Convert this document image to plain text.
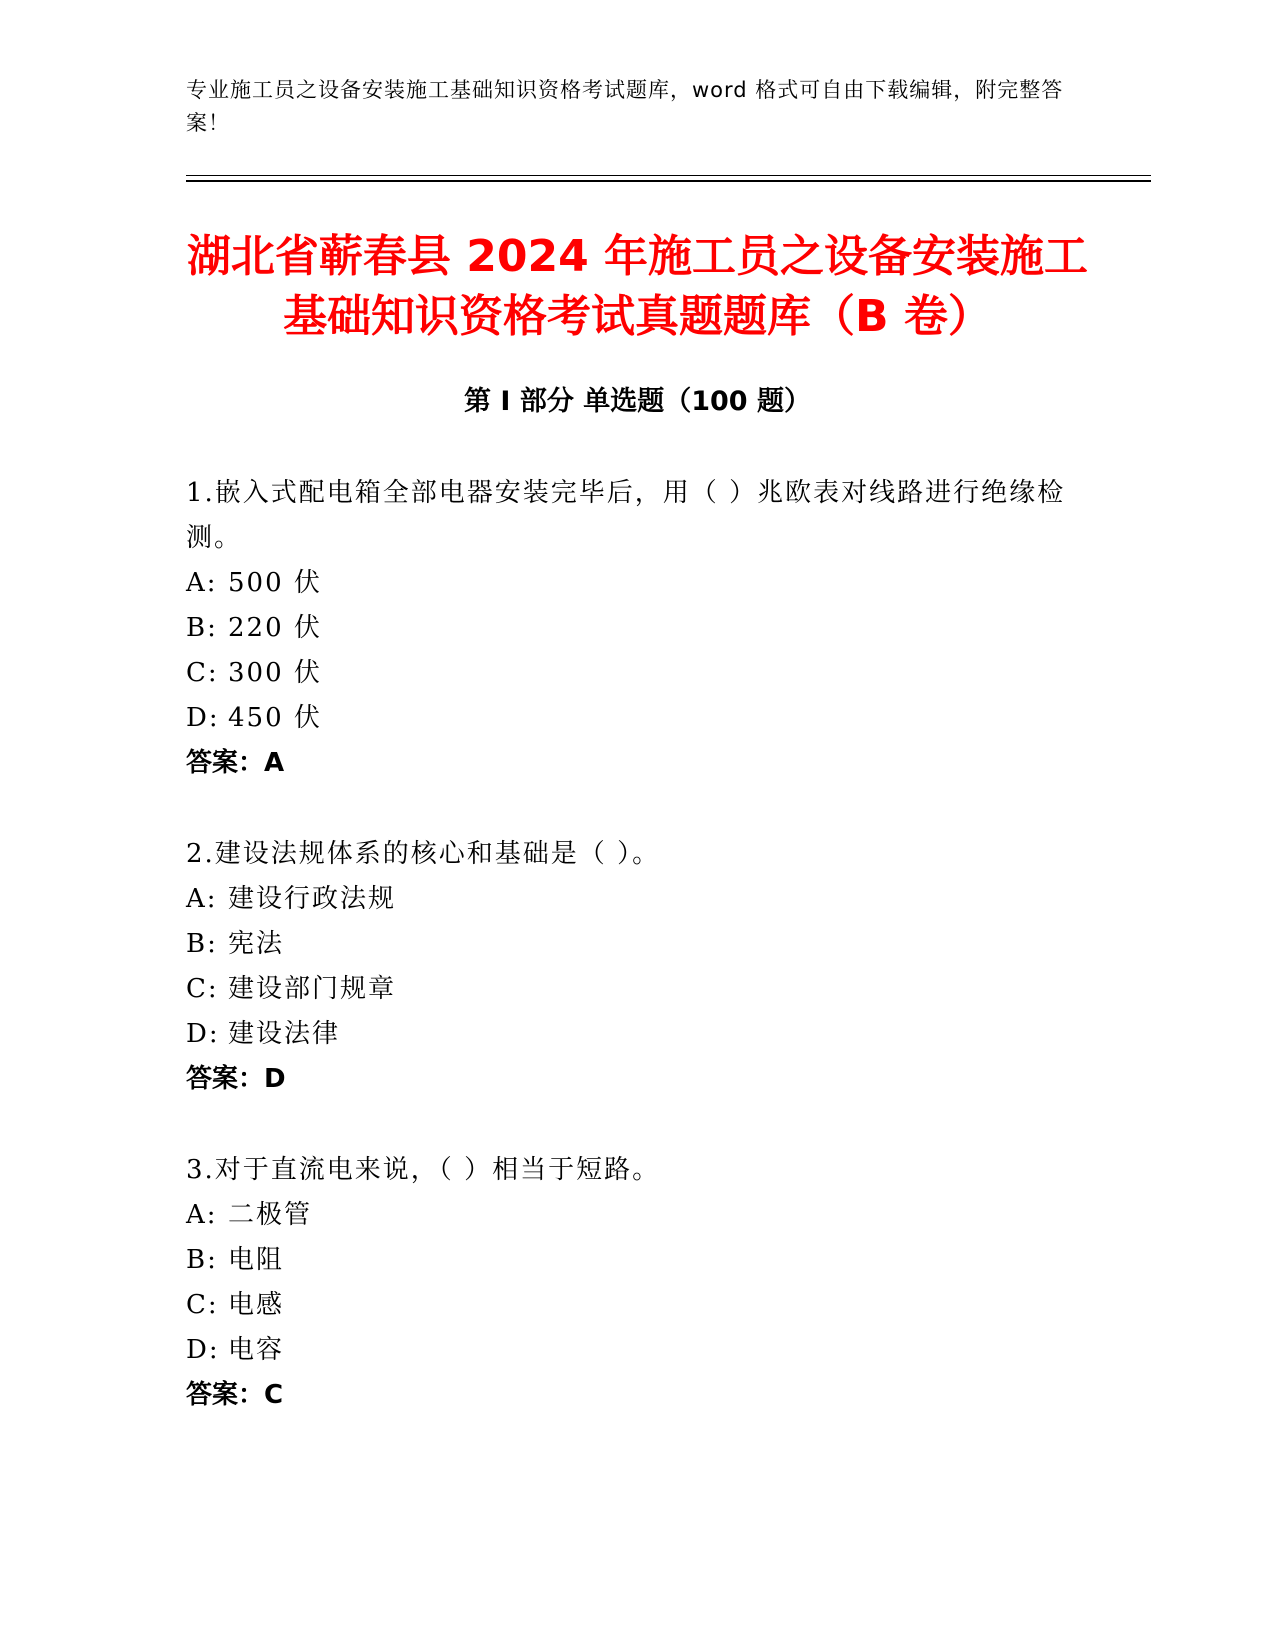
专业施工员之设备安装施工基础知识资格考试题库，word 格式可自由下载编辑，附完整答案！
湖北省蕲春县 2024 年施工员之设备安装施工
基础知识资格考试真题题库（B 卷）
第 I 部分 单选题（100 题）
1.嵌入式配电箱全部电器安装完毕后，用（ ）兆欧表对线路进行绝缘检测。
A: 500 伏
B: 220 伏
C: 300 伏
D: 450 伏
答案：A
2.建设法规体系的核心和基础是（ ）。
A: 建设行政法规
B: 宪法
C: 建设部门规章
D: 建设法律
答案：D
3.对于直流电来说，（ ）相当于短路。
A: 二极管
B: 电阻
C: 电感
D: 电容
答案：C
